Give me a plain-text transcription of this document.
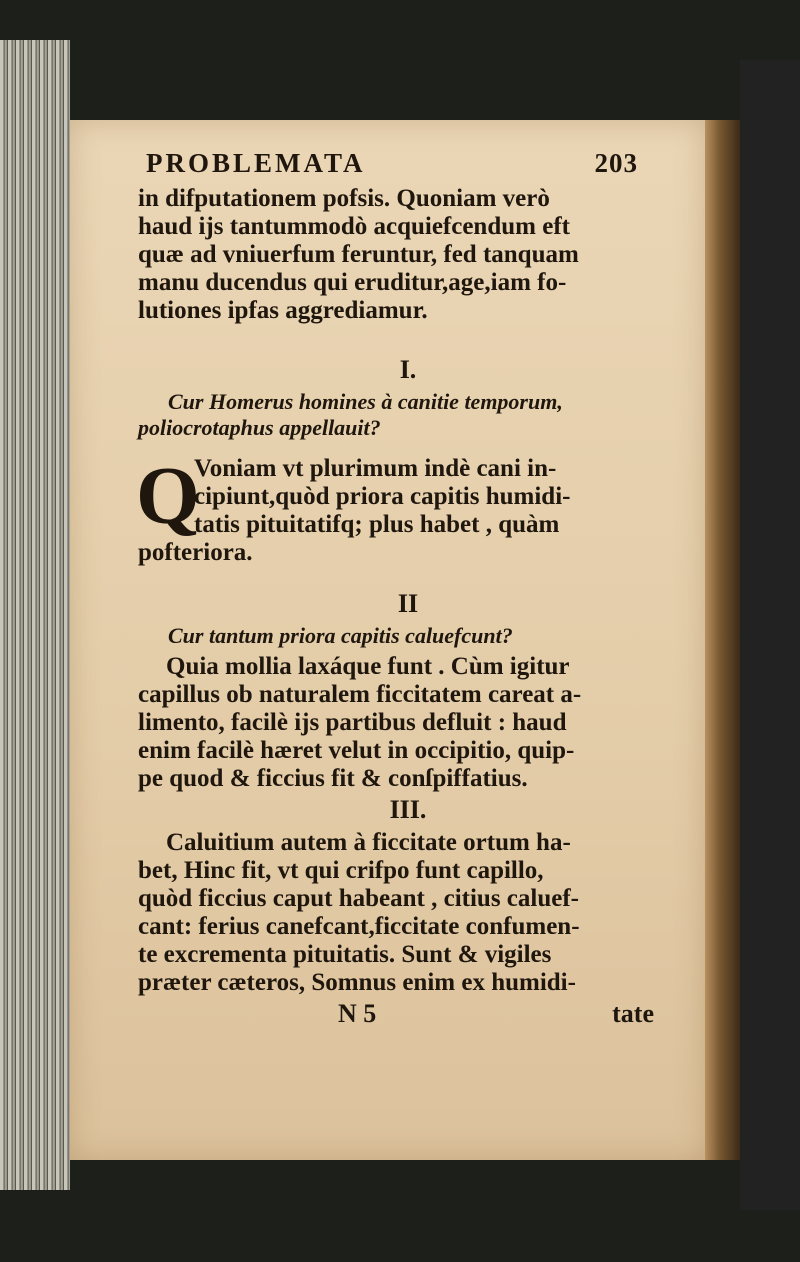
PROBLEMATA	203

in difputationem pofsis. Quoniam verò

haud ijs tantummodò acquiefcendum eft

quæ ad vniuerfum feruntur, fed tanquam

manu ducendus qui eruditur,age,iam fo-

lutiones ipfas aggrediamur.

I.

Cur Homerus homines à canitie temporum,

poliocrotaphus appellauit?

Q

Voniam vt plurimum indè cani in-

cipiunt,quòd priora capitis humidi-

tatis pituitatifq; plus habet , quàm

pofteriora.

II

Cur tantum priora capitis caluefcunt?

Quia mollia laxáque funt . Cùm igitur

capillus ob naturalem ficcitatem careat a-

limento, facilè ijs partibus defluit : haud

enim facilè hæret velut in occipitio, quip-

pe quod & ficcius fit & conſpiffatius.

III.

Caluitium autem à ficcitate ortum ha-

bet, Hinc fit, vt qui crifpo funt capillo,

quòd ficcius caput habeant , citius caluef-

cant: ferius canefcant,ficcitate confumen-

te excrementa pituitatis. Sunt & vigiles

præter cæteros, Somnus enim ex humidi-

N 5	tate
